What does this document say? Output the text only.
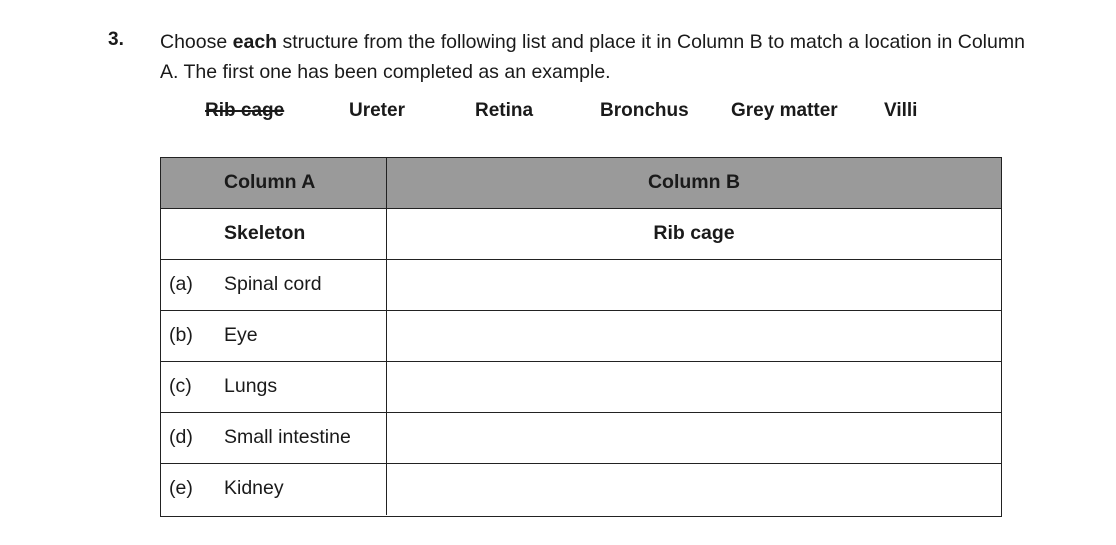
3. Choose each structure from the following list and place it in Column B to match a location in Column A. The first one has been completed as an example.
Rib cage	Ureter	Retina	Bronchus Grey matter Villi
Column A	Column B
Skeleton	Rib cage
(a) Spinal cord
(b) Eye
(c) Lungs
(d) Small intestine
(e) Kidney
